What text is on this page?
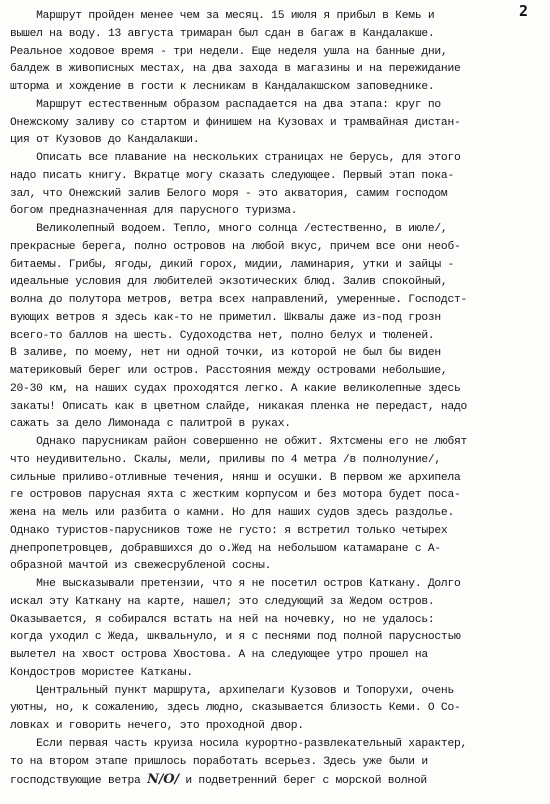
2
Маршрут пройден менее чем за месяц. 15 июля я прибыл в Кемь и
вышел на воду. 13 августа тримаран был сдан в багаж в Кандалакше.
Реальное ходовое время - три недели. Еще неделя ушла на банные дни,
балдеж в живописных местах, на два захода в магазины и на пережидание
шторма и хождение в гости к лесникам в Кандалакшском заповеднике.
Маршрут естественным образом распадается на два этапа: круг по
Онежскому заливу со стартом и финишем на Кузовах и трамвайная дистан-
ция от Кузовов до Кандалакши.
Описать все плавание на нескольких страницах не берусь, для этого
надо писать книгу. Вкратце могу сказать следующее. Первый этап пока-
зал, что Онежский залив Белого моря - это акватория, самим господом
богом предназначенная для парусного туризма.
Великолепный водоем. Тепло, много солнца /естественно, в июле/,
прекрасные берега, полно островов на любой вкус, причем все они необ-
битаемы. Грибы, ягоды, дикий горох, мидии, ламинария, утки и зайцы -
идеальные условия для любителей экзотических блюд. Залив спокойный,
волна до полутора метров, ветра всех направлений, умеренные. Господст-
вующих ветров я здесь как-то не приметил. Шквалы даже из-под грозн
всего-то баллов на шесть. Судоходства нет, полно белух и тюленей.
В заливе, по моему, нет ни одной точки, из которой не был бы виден
материковый берег или остров. Расстояния между островами небольшие,
20-30 км, на наших судах проходятся легко. А какие великолепные здесь
закаты! Описать как в цветном слайде, никакая пленка не передаст, надо
сажать за дело Лимонада с палитрой в руках.
Однако парусникам район совершенно не обжит. Яхтсмены его не любят
что неудивительно. Скалы, мели, приливы по 4 метра /в полнолуние/,
сильные приливо-отливные течения, нянш и осушки. В первом же архипела
ге островов парусная яхта с жестким корпусом и без мотора будет поса-
жена на мель или разбита о камни. Но для наших судов здесь раздолье.
Однако туристов-парусников тоже не густо: я встретил только четырех
днепропетровцев, добравшихся до о.Жед на небольшом катамаране с А-
образной мачтой из свежесрубленой сосны.
Мне высказывали претензии, что я не посетил остров Катканy. Долго
искал эту Катканy на карте, нашел; это следующий за Жедом остров.
Оказывается, я собирался встать на ней на ночевку, но не удалось:
когда уходил с Жеда, шквальнуло, и я с песнями под полной парусностью
вылетел на хвост острова Хвостова. А на следующее утро прошел на
Кондостров мористее Катканы.
Центральный пункт маршрута, архипелаги Кузовов и Топорухи, очень
уютны, но, к сожалению, здесь людно, сказывается близость Кеми. О Со-
ловках и говорить нечего, это проходной двор.
Если первая часть круиза носила курортно-развлекательный характер,
то на втором этапе пришлось поработать всерьез. Здесь уже были и
господствующие ветра N/O/ и подветренний берег с морской волной
